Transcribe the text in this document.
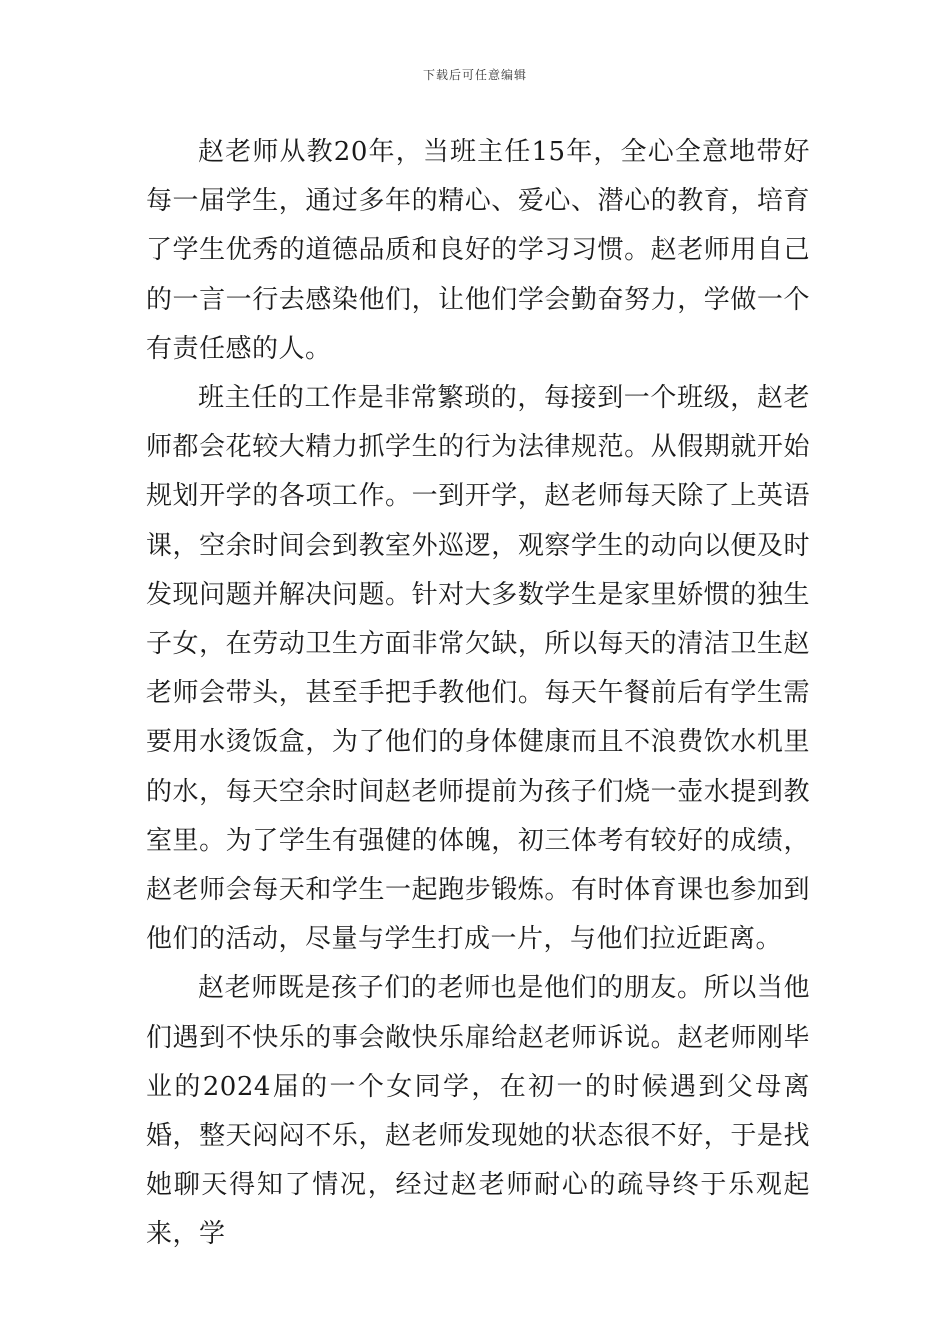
下载后可任意编辑

赵老师从教20年，当班主任15年，全心全意地带好每一届学生，通过多年的精心、爱心、潜心的教育，培育了学生优秀的道德品质和良好的学习习惯。赵老师用自己的一言一行去感染他们，让他们学会勤奋努力，学做一个有责任感的人。

班主任的工作是非常繁琐的，每接到一个班级，赵老师都会花较大精力抓学生的行为法律规范。从假期就开始规划开学的各项工作。一到开学，赵老师每天除了上英语课，空余时间会到教室外巡逻，观察学生的动向以便及时发现问题并解决问题。针对大多数学生是家里娇惯的独生子女，在劳动卫生方面非常欠缺，所以每天的清洁卫生赵老师会带头，甚至手把手教他们。每天午餐前后有学生需要用水烫饭盒，为了他们的身体健康而且不浪费饮水机里的水，每天空余时间赵老师提前为孩子们烧一壶水提到教室里。为了学生有强健的体魄，初三体考有较好的成绩，赵老师会每天和学生一起跑步锻炼。有时体育课也参加到他们的活动，尽量与学生打成一片，与他们拉近距离。

赵老师既是孩子们的老师也是他们的朋友。所以当他们遇到不快乐的事会敞快乐扉给赵老师诉说。赵老师刚毕业的2024届的一个女同学，在初一的时候遇到父母离婚，整天闷闷不乐，赵老师发现她的状态很不好，于是找她聊天得知了情况，经过赵老师耐心的疏导终于乐观起来，学
